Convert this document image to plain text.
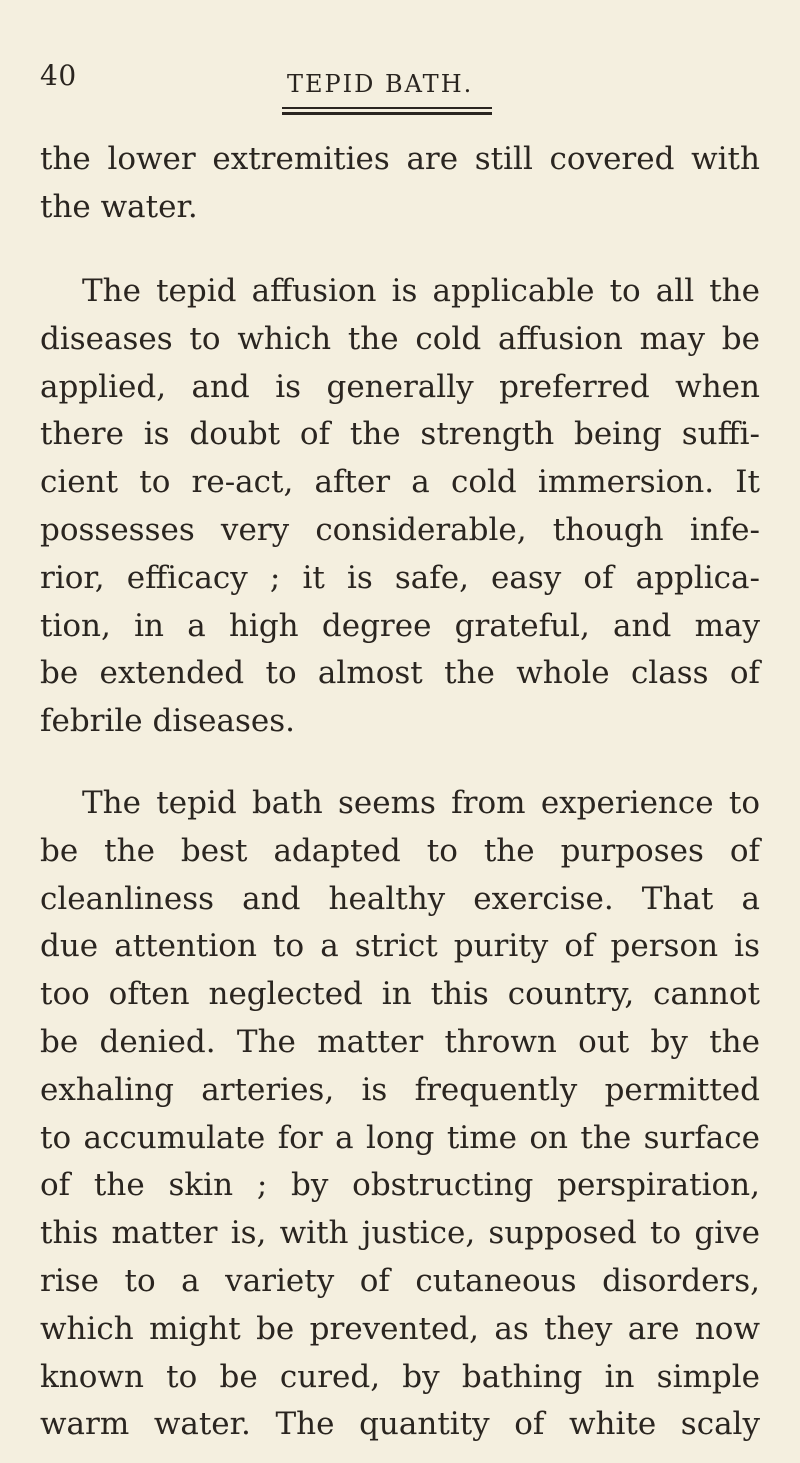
40	TEPID BATH.
the lower extremities are still covered with
the water.
The tepid affusion is applicable to all the
diseases to which the cold affusion may be
applied, and is generally preferred when
there is doubt of the strength being suffi-
cient to re-act, after a cold immersion. It
possesses very considerable, though infe-
rior, efficacy ; it is safe, easy of applica-
tion, in a high degree grateful, and may
be extended to almost the whole class of
febrile diseases.
The tepid bath seems from experience to
be the best adapted to the purposes of
cleanliness and healthy exercise. That a
due attention to a strict purity of person is
too often neglected in this country, cannot
be denied. The matter thrown out by the
exhaling arteries, is frequently permitted
to accumulate for a long time on the surface
of the skin ; by obstructing perspiration,
this matter is, with justice, supposed to give
rise to a variety of cutaneous disorders,
which might be prevented, as they are now
known to be cured, by bathing in simple
warm water. The quantity of white scaly
